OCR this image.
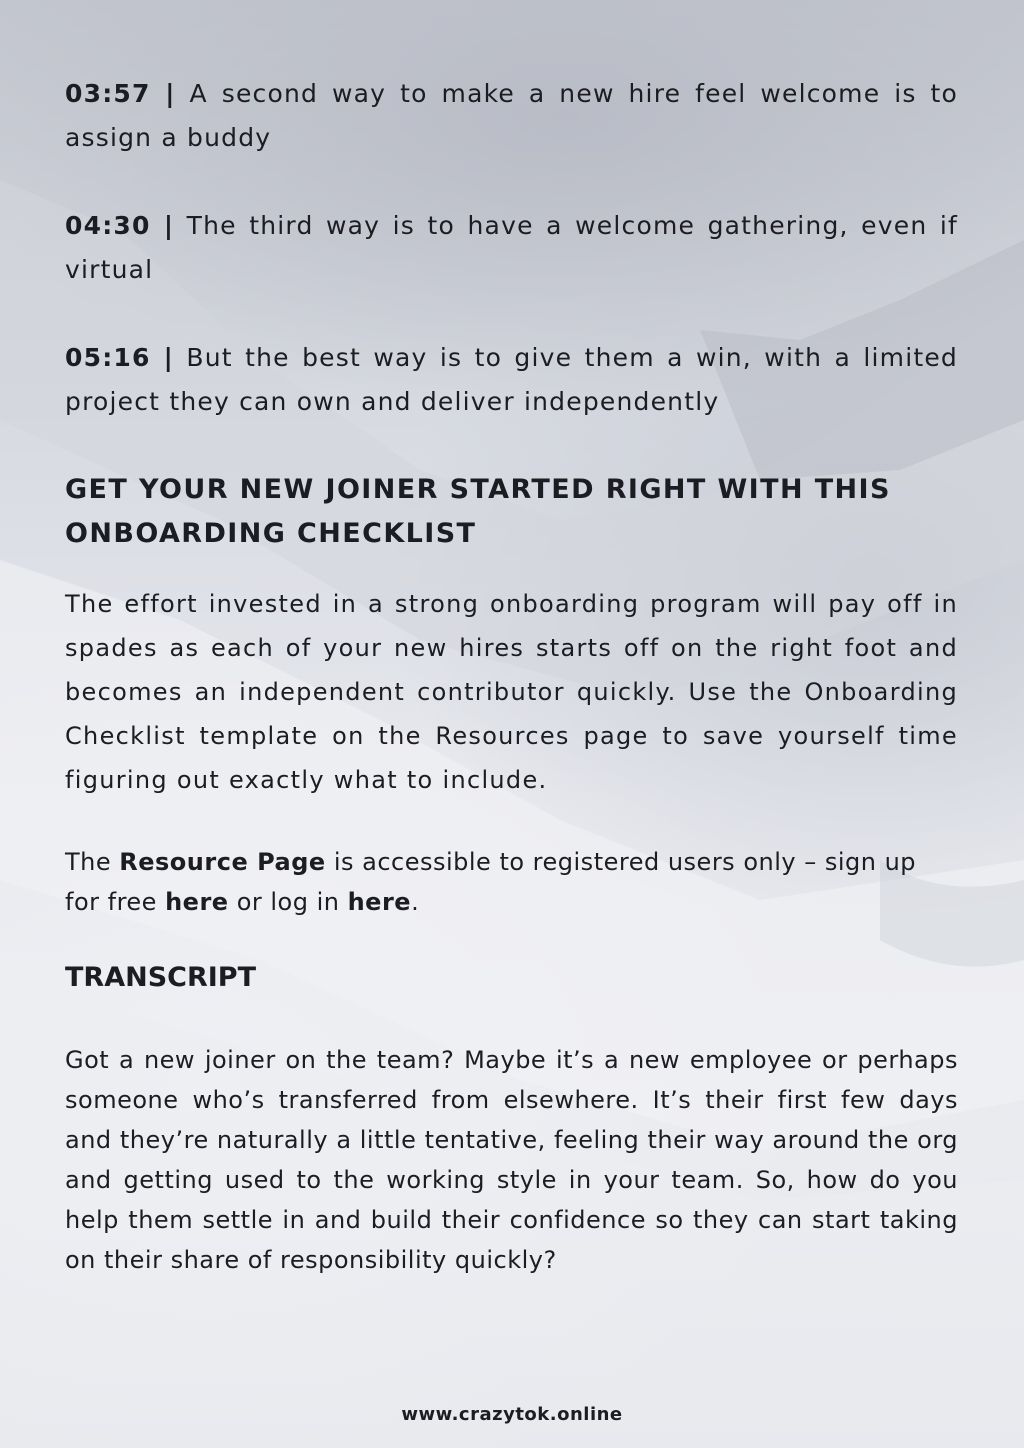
03:57 | A second way to make a new hire feel welcome is to assign a buddy

04:30 | The third way is to have a welcome gathering, even if virtual

05:16 | But the best way is to give them a win, with a limited project they can own and deliver independently

GET YOUR NEW JOINER STARTED RIGHT WITH THIS ONBOARDING CHECKLIST

The effort invested in a strong onboarding program will pay off in spades as each of your new hires starts off on the right foot and becomes an independent contributor quickly. Use the Onboarding Checklist template on the Resources page to save yourself time figuring out exactly what to include.

The Resource Page is accessible to registered users only – sign up for free here or log in here.

TRANSCRIPT

Got a new joiner on the team? Maybe it’s a new employee or perhaps someone who’s transferred from elsewhere. It’s their first few days and they’re naturally a little tentative, feeling their way around the org and getting used to the working style in your team. So, how do you help them settle in and build their confidence so they can start taking on their share of responsibility quickly?

www.crazytok.online
